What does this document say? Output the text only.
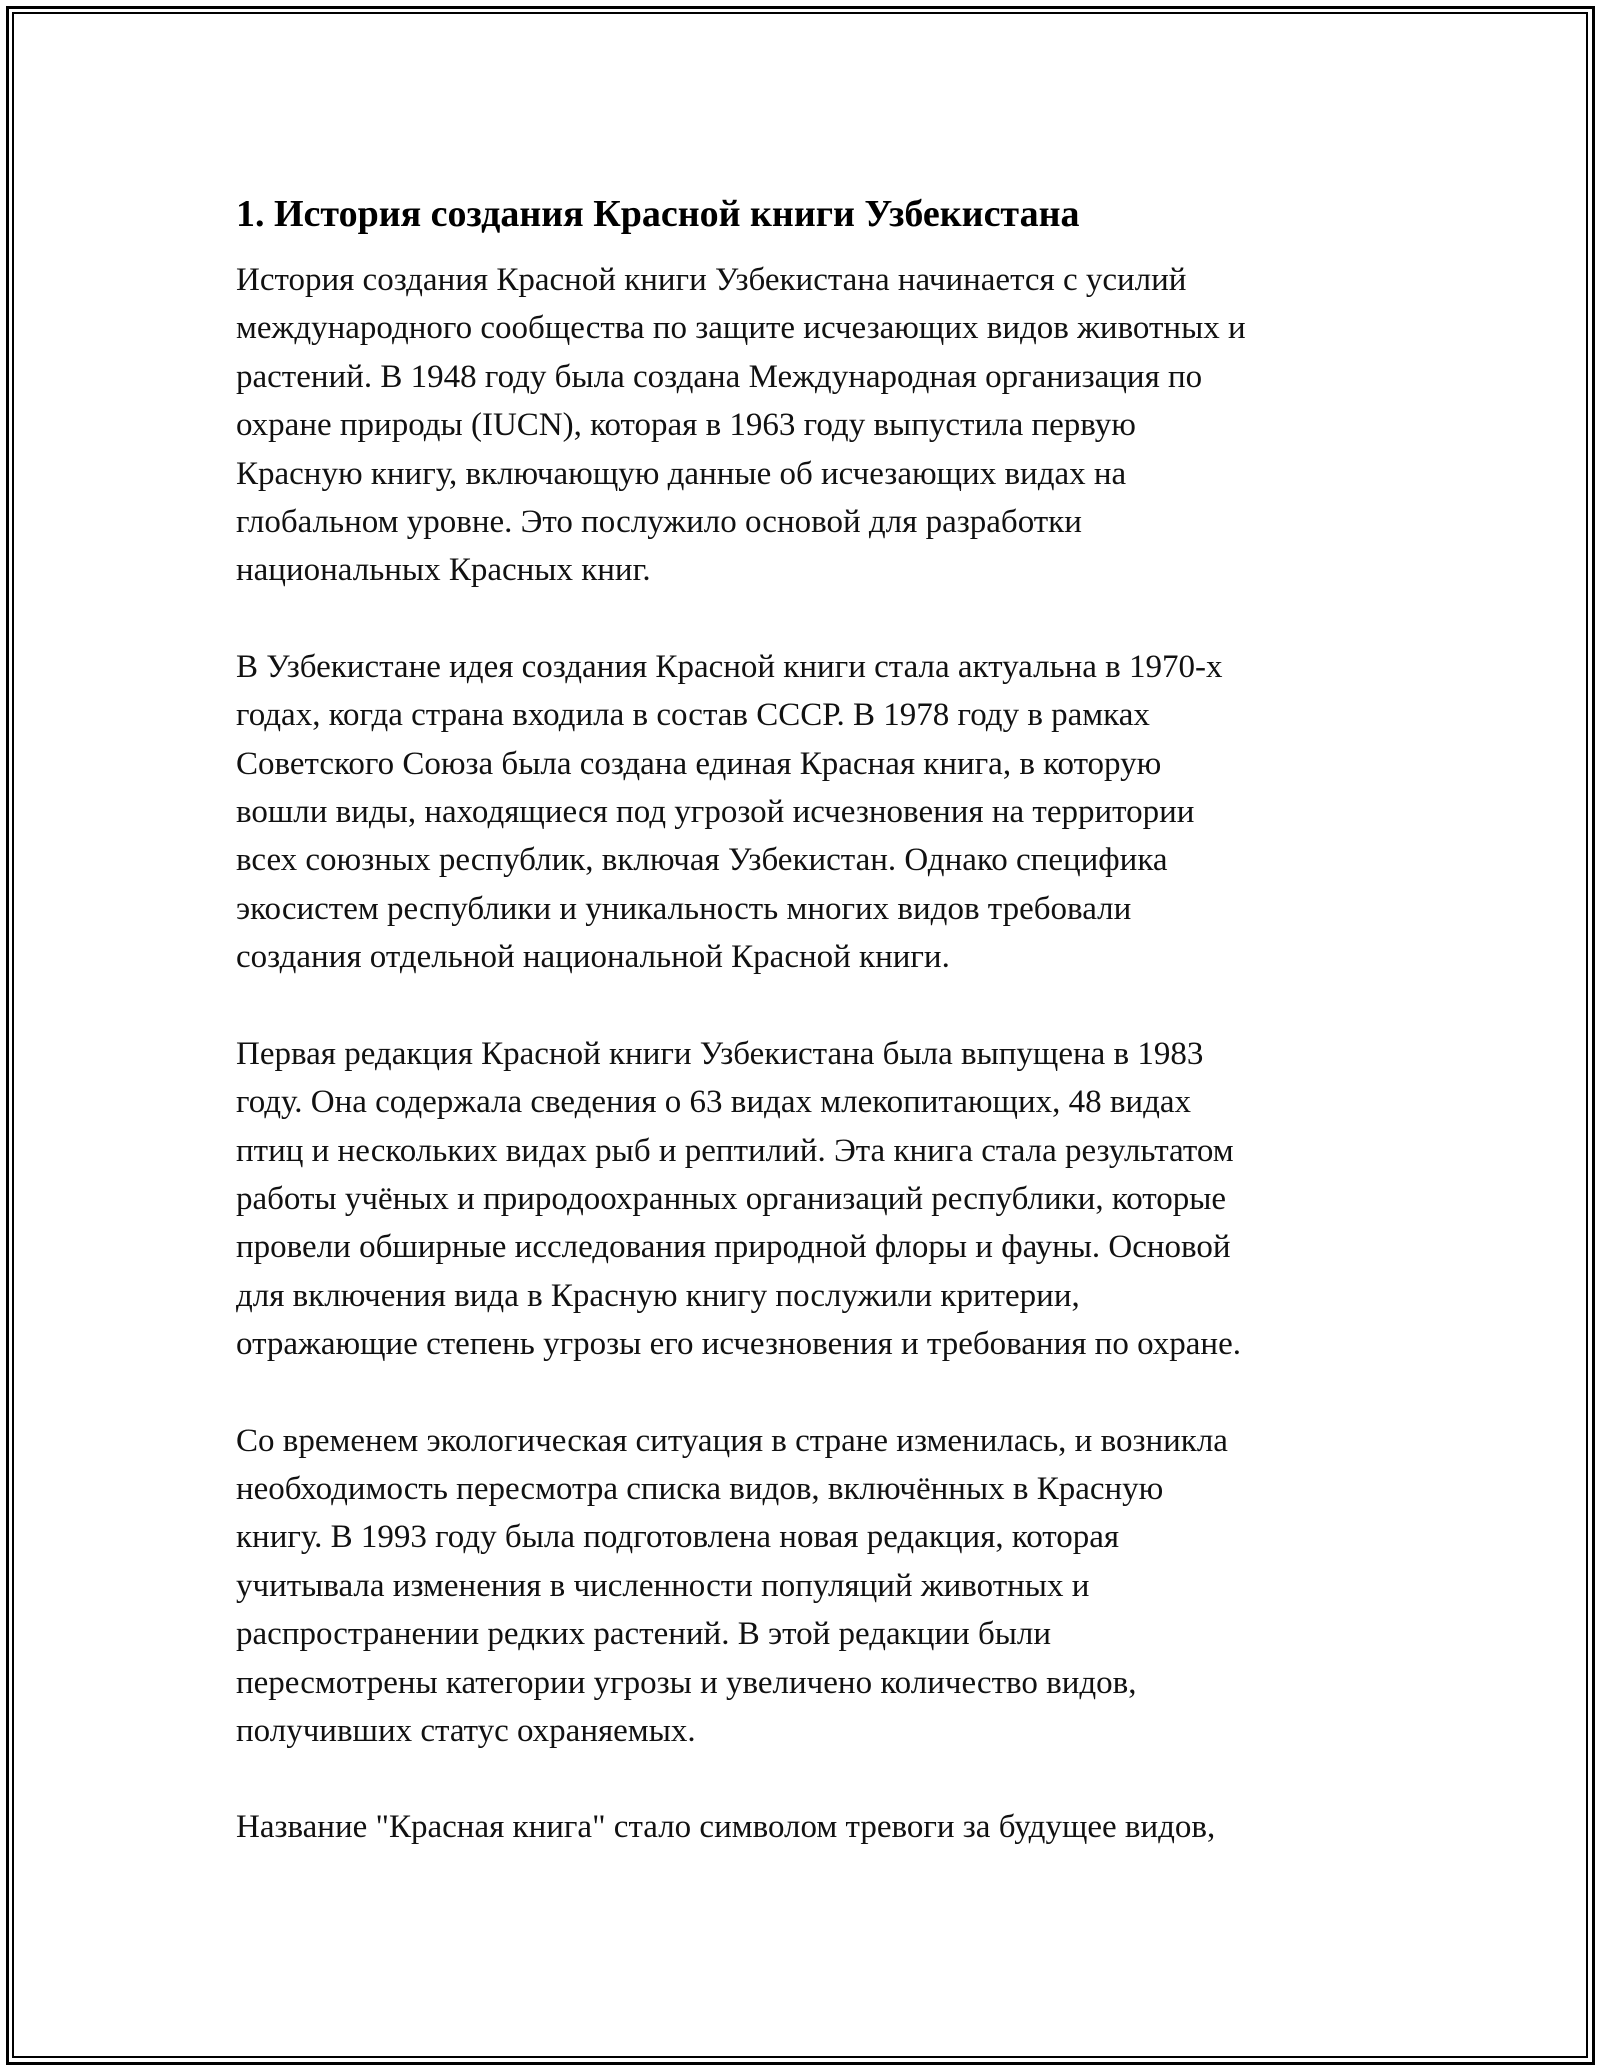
1. История создания Красной книги Узбекистана
История создания Красной книги Узбекистана начинается с усилий
международного сообщества по защите исчезающих видов животных и
растений. В 1948 году была создана Международная организация по
охране природы (IUCN), которая в 1963 году выпустила первую
Красную книгу, включающую данные об исчезающих видах на
глобальном уровне. Это послужило основой для разработки
национальных Красных книг.
В Узбекистане идея создания Красной книги стала актуальна в 1970-х
годах, когда страна входила в состав СССР. В 1978 году в рамках
Советского Союза была создана единая Красная книга, в которую
вошли виды, находящиеся под угрозой исчезновения на территории
всех союзных республик, включая Узбекистан. Однако специфика
экосистем республики и уникальность многих видов требовали
создания отдельной национальной Красной книги.
Первая редакция Красной книги Узбекистана была выпущена в 1983
году. Она содержала сведения о 63 видах млекопитающих, 48 видах
птиц и нескольких видах рыб и рептилий. Эта книга стала результатом
работы учёных и природоохранных организаций республики, которые
провели обширные исследования природной флоры и фауны. Основой
для включения вида в Красную книгу послужили критерии,
отражающие степень угрозы его исчезновения и требования по охране.
Со временем экологическая ситуация в стране изменилась, и возникла
необходимость пересмотра списка видов, включённых в Красную
книгу. В 1993 году была подготовлена новая редакция, которая
учитывала изменения в численности популяций животных и
распространении редких растений. В этой редакции были
пересмотрены категории угрозы и увеличено количество видов,
получивших статус охраняемых.
Название "Красная книга" стало символом тревоги за будущее видов,
